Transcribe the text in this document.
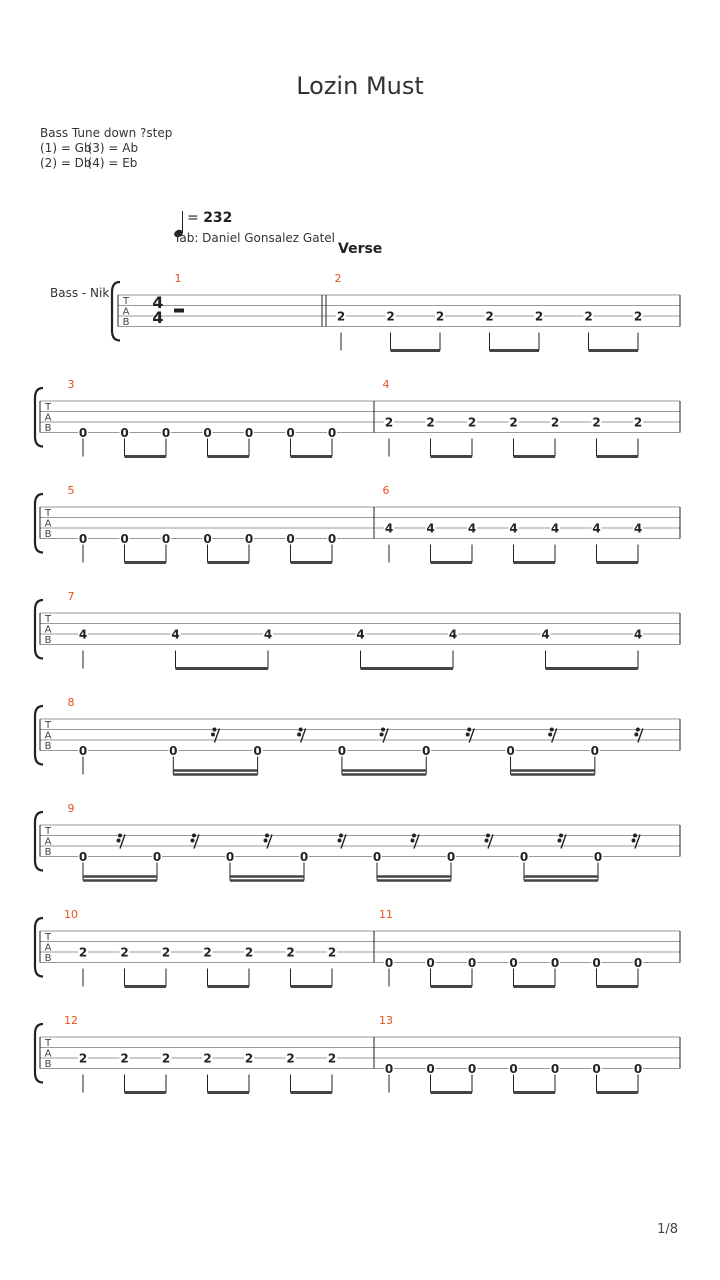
Lozin Must
Bass Tune down ?step
(1) = Gb(3) = Ab
(2) = Db(4) = Eb
= 232
Tab: Daniel Gonsalez Gatel
Verse
Bass - Nik
T
A
B
4
4
1	2
2	2	2	2	2	2	2
T
A
B
3
0	0	0	0	0	0	0
4
2	2	2	2	2	2	2
T
A
B
5
0	0	0	0	0	0	0
6
4	4	4	4	4	4	4
T
A
B
7
4	4	4	4	4	4	4
T
A
B
8
0	0	0	0	0	0	0
T
A
B
9
0	0	0	0	0	0	0	0
T
A
B
10
2	2	2	2	2	2	2
11
0	0	0	0	0	0	0
T
A
B
12
2	2	2	2	2	2	2
13
0	0	0	0	0	0	0
1/8
